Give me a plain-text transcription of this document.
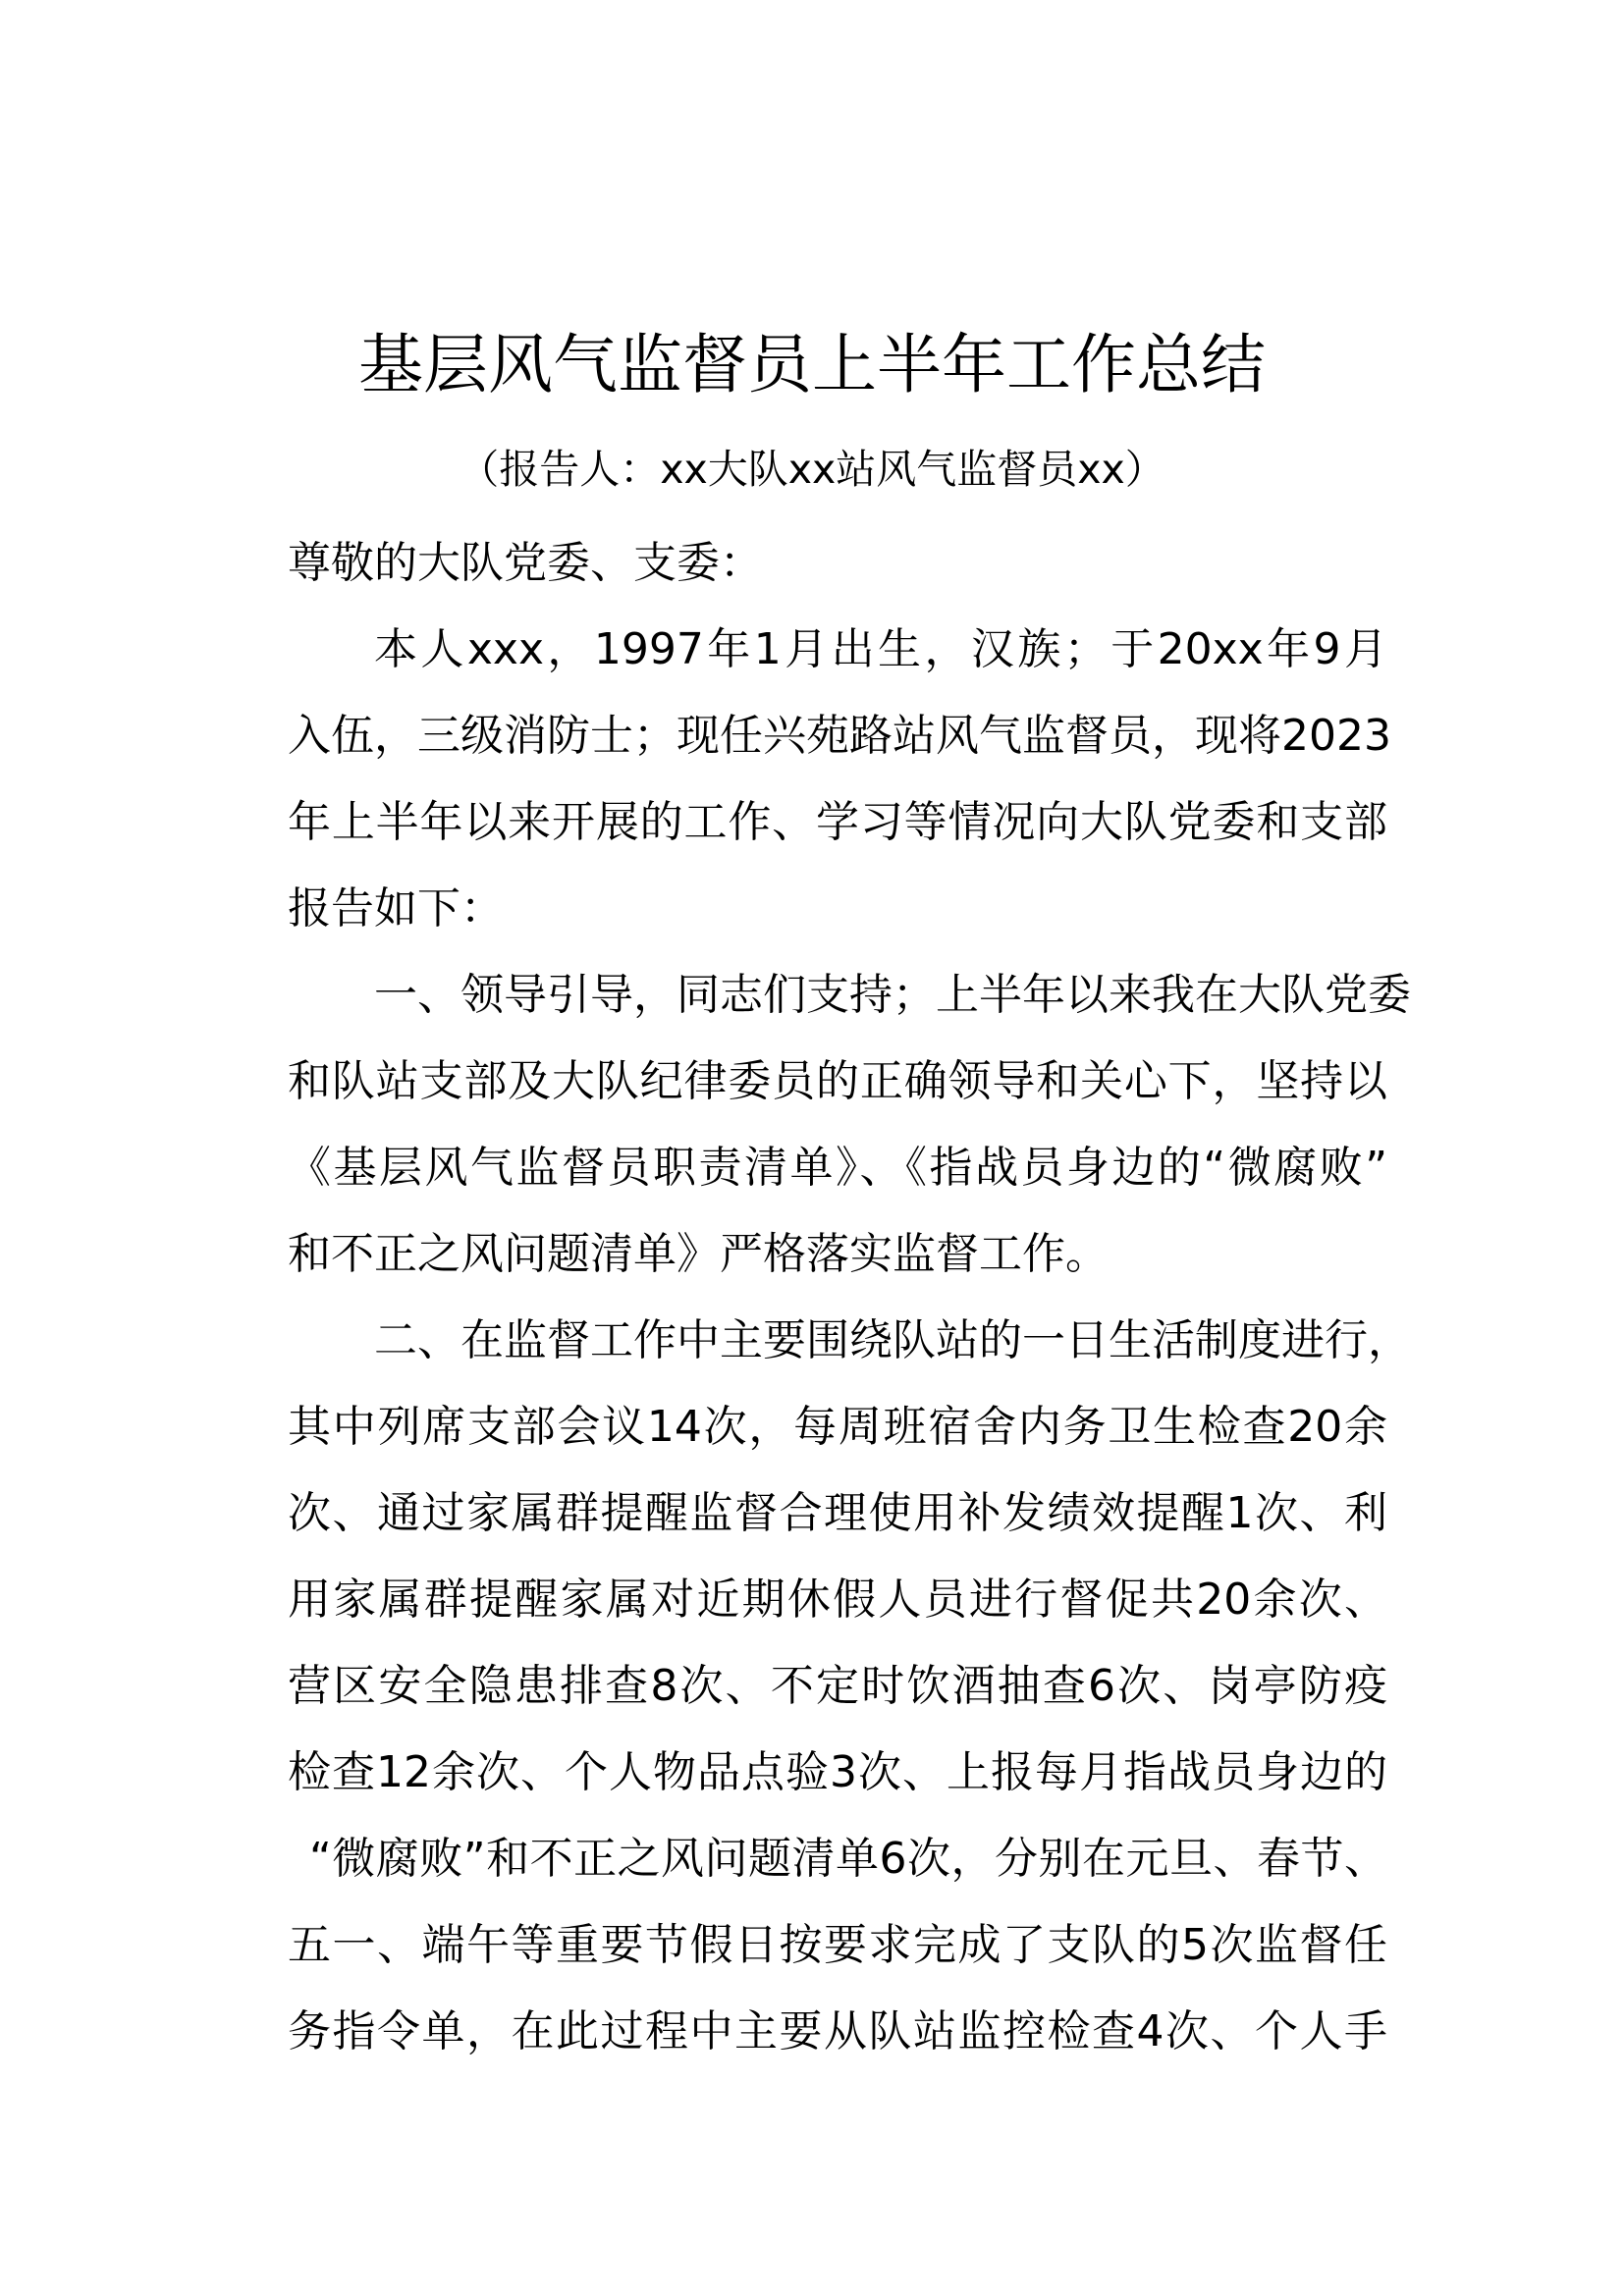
基层风气监督员上半年工作总结
（报告人：xx大队xx站风气监督员xx）
尊敬的大队党委、支委：
本人xxx，1997年1月出生，汉族；于20xx年9月
入伍，三级消防士；现任兴苑路站风气监督员，现将2023
年上半年以来开展的工作、学习等情况向大队党委和支部
报告如下：
一、领导引导，同志们支持；上半年以来我在大队党委
和队站支部及大队纪律委员的正确领导和关心下，坚持以
《基层风气监督员职责清单》、《指战员身边的“微腐败”
和不正之风问题清单》严格落实监督工作。
二、在监督工作中主要围绕队站的一日生活制度进行，
其中列席支部会议14次，每周班宿舍内务卫生检查20余
次、通过家属群提醒监督合理使用补发绩效提醒1次、利
用家属群提醒家属对近期休假人员进行督促共20余次、
营区安全隐患排查8次、不定时饮酒抽查6次、岗亭防疫
检查12余次、个人物品点验3次、上报每月指战员身边的
“微腐败”和不正之风问题清单6次，分别在元旦、春节、
五一、端午等重要节假日按要求完成了支队的5次监督任
务指令单，在此过程中主要从队站监控检查4次、个人手
